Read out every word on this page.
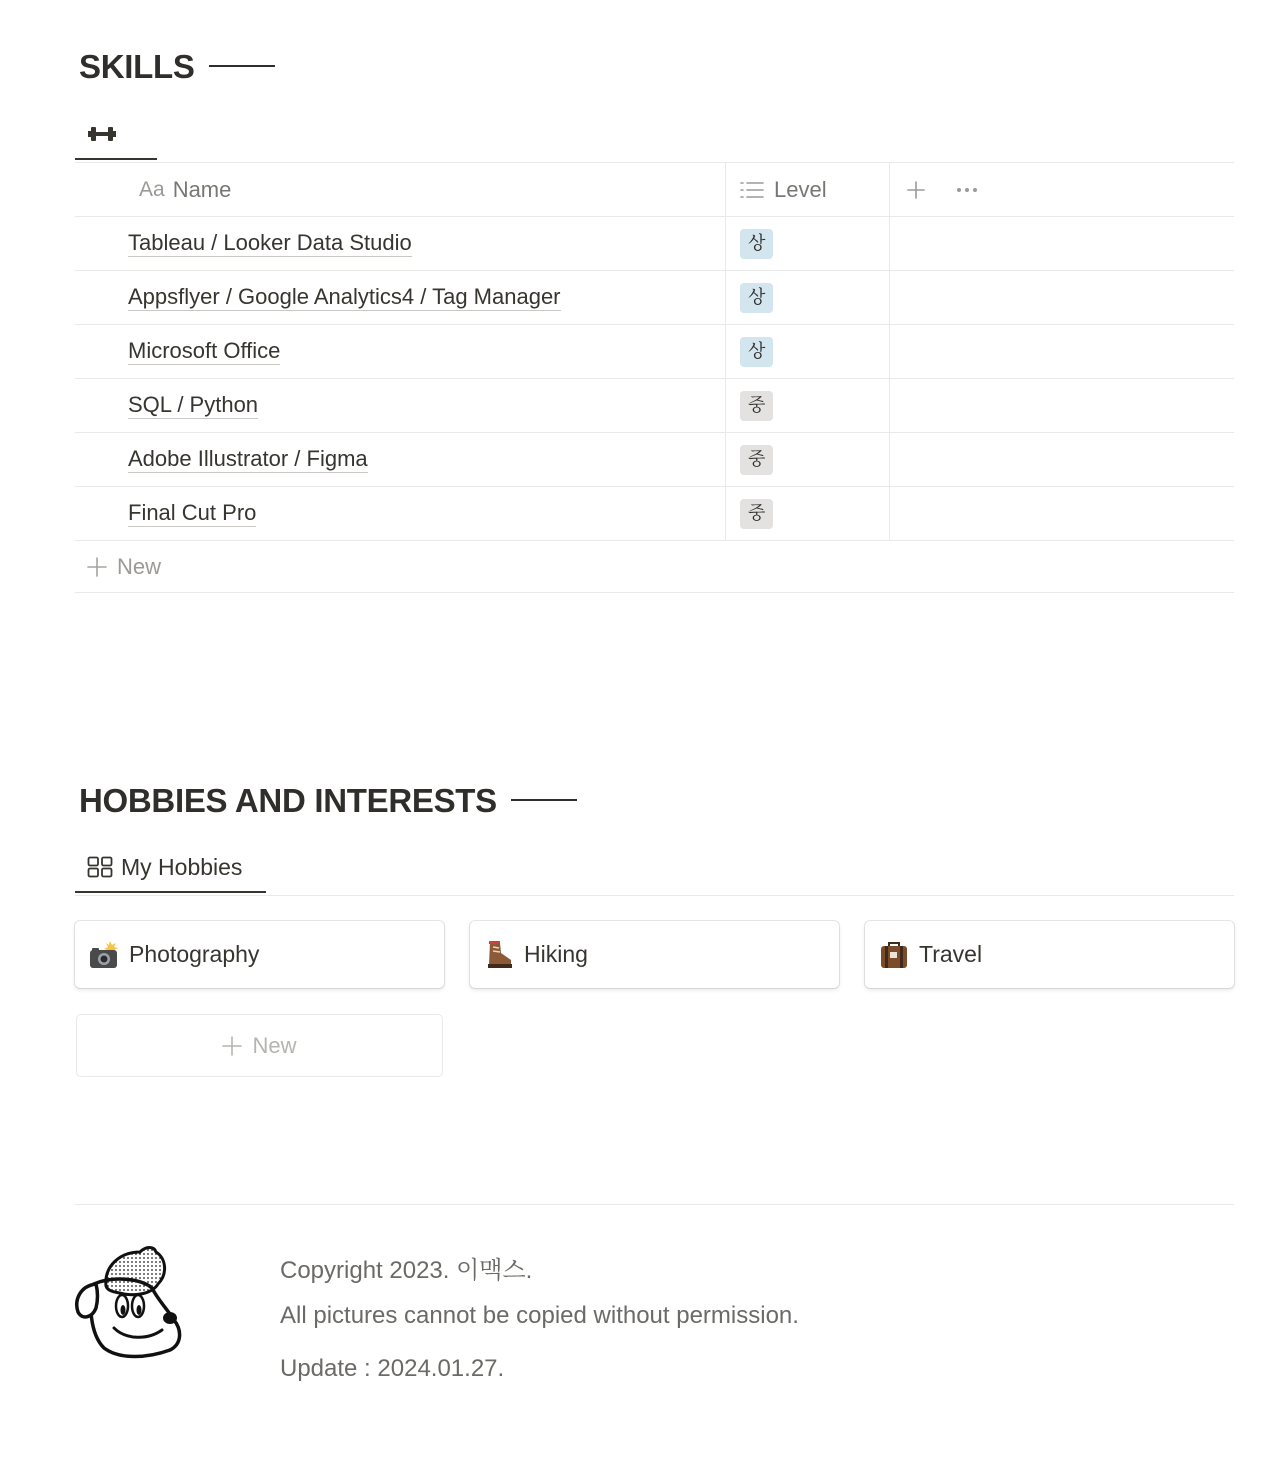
SKILLS
Aa Name	Level
Tableau / Looker Data Studio	상
Appsflyer / Google Analytics4 / Tag Manager	상
Microsoft Office	상
SQL / Python	중
Adobe Illustrator / Figma	중
Final Cut Pro	중
New
HOBBIES AND INTERESTS
My Hobbies
Photography	Hiking	Travel
New
Copyright 2023. 이맥스.
All pictures cannot be copied without permission.
Update : 2024.01.27.
